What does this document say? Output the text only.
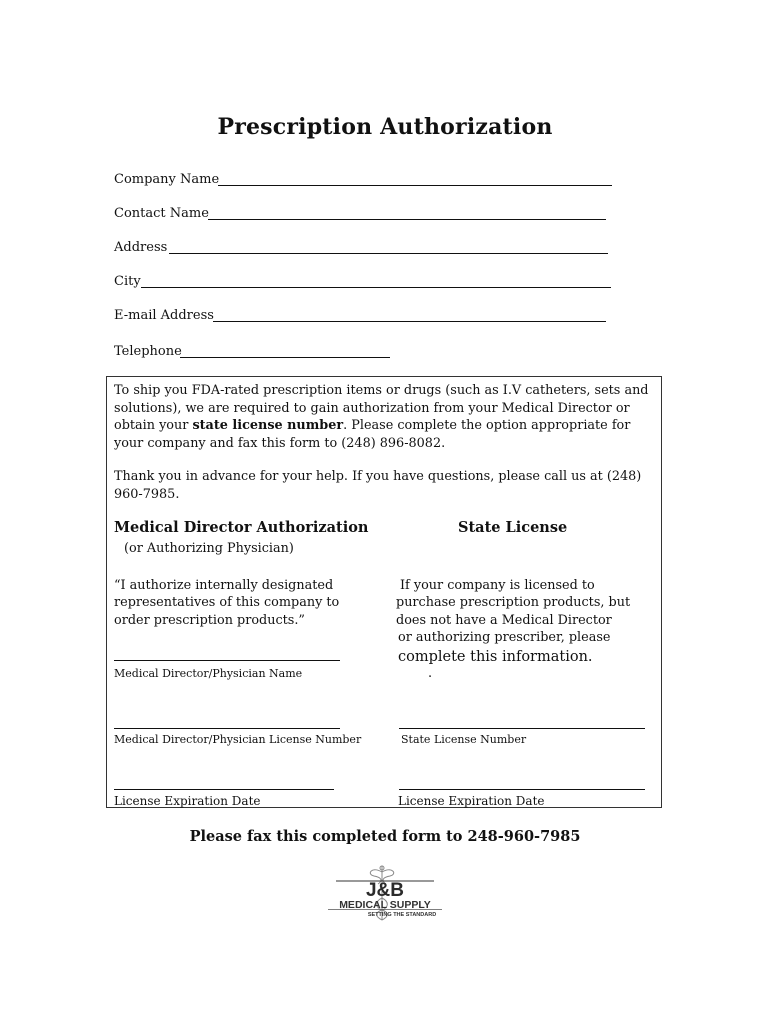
Prescription Authorization
Company Name
Contact Name
Address
City
E-mail Address
Telephone
To ship you FDA-rated prescription items or drugs (such as I.V catheters, sets and solutions), we are required to gain authorization from your Medical Director or obtain your state license number. Please complete the option appropriate for your company and fax this form to (248) 896-8082.
Thank you in advance for your help. If you have questions, please call us at (248) 960-7985.
Medical Director Authorization
(or Authorizing Physician)
“I authorize internally designated
representatives of this company to
order prescription products.”
Medical Director/Physician Name
Medical Director/Physician License Number
License Expiration Date
State License
If your company is licensed to
purchase prescription products, but
does not have a Medical Director
or authorizing prescriber, please
complete this information.
.
State License Number
License Expiration Date
Please fax this completed form to 248-960-7985
J&B
MEDICAL SUPPLY
SETTING THE STANDARD
